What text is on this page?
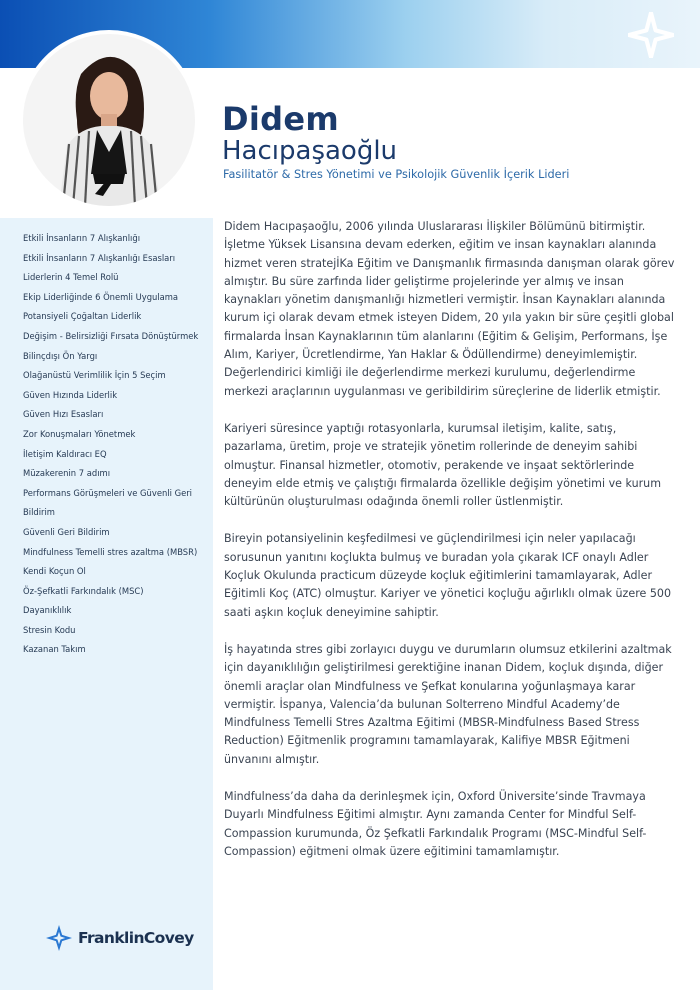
Didem
Hacıpaşaoğlu

Fasilitatör & Stres Yönetimi ve Psikolojik Güvenlik İçerik Lideri

Etkili İnsanların 7 Alışkanlığı
Etkili İnsanların 7 Alışkanlığı Esasları
Liderlerin 4 Temel Rolü
Ekip Liderliğinde 6 Önemli Uygulama
Potansiyeli Çoğaltan Liderlik
Değişim - Belirsizliği Fırsata Dönüştürmek
Bilinçdışı Ön Yargı
Olağanüstü Verimlilik İçin 5 Seçim
Güven Hızında Liderlik
Güven Hızı Esasları
Zor Konuşmaları Yönetmek
İletişim Kaldıracı EQ
Müzakerenin 7 adımı
Performans Görüşmeleri ve Güvenli Geri
Bildirim
Güvenli Geri Bildirim
Mindfulness Temelli stres azaltma (MBSR)
Kendi Koçun Ol
Öz-Şefkatli Farkındalık (MSC)
Dayanıklılık
Stresin Kodu
Kazanan Takım

Didem Hacıpaşaoğlu, 2006 yılında Uluslararası İlişkiler Bölümünü bitirmiştir. İşletme Yüksek Lisansına devam ederken, eğitim ve insan kaynakları alanında hizmet veren stratejİKa Eğitim ve Danışmanlık firmasında danışman olarak görev almıştır. Bu süre zarfında lider geliştirme projelerinde yer almış ve insan kaynakları yönetim danışmanlığı hizmetleri vermiştir. İnsan Kaynakları alanında kurum içi olarak devam etmek isteyen Didem, 20 yıla yakın bir süre çeşitli global firmalarda İnsan Kaynaklarının tüm alanlarını (Eğitim & Gelişim, Performans, İşe Alım, Kariyer, Ücretlendirme, Yan Haklar & Ödüllendirme) deneyimlemiştir. Değerlendirici kimliği ile değerlendirme merkezi kurulumu, değerlendirme merkezi araçlarının uygulanması ve geribildirim süreçlerine de liderlik etmiştir.

Kariyeri süresince yaptığı rotasyonlarla, kurumsal iletişim, kalite, satış, pazarlama, üretim, proje ve stratejik yönetim rollerinde de deneyim sahibi olmuştur. Finansal hizmetler, otomotiv, perakende ve inşaat sektörlerinde deneyim elde etmiş ve çalıştığı firmalarda özellikle değişim yönetimi ve kurum kültürünün oluşturulması odağında önemli roller üstlenmiştir.

Bireyin potansiyelinin keşfedilmesi ve güçlendirilmesi için neler yapılacağı sorusunun yanıtını koçlukta bulmuş ve buradan yola çıkarak ICF onaylı Adler Koçluk Okulunda practicum düzeyde koçluk eğitimlerini tamamlayarak, Adler Eğitimli Koç (ATC) olmuştur. Kariyer ve yönetici koçluğu ağırlıklı olmak üzere 500 saati aşkın koçluk deneyimine sahiptir.

İş hayatında stres gibi zorlayıcı duygu ve durumların olumsuz etkilerini azaltmak için dayanıklılığın geliştirilmesi gerektiğine inanan Didem, koçluk dışında, diğer önemli araçlar olan Mindfulness ve Şefkat konularına yoğunlaşmaya karar vermiştir. İspanya, Valencia’da bulunan Solterreno Mindful Academy’de Mindfulness Temelli Stres Azaltma Eğitimi (MBSR-Mindfulness Based Stress Reduction) Eğitmenlik programını tamamlayarak, Kalifiye MBSR Eğitmeni ünvanını almıştır.

Mindfulness’da daha da derinleşmek için, Oxford Üniversite’sinde Travmaya Duyarlı Mindfulness Eğitimi almıştır. Aynı zamanda Center for Mindful Self-Compassion kurumunda, Öz Şefkatli Farkındalık Programı (MSC-Mindful Self-Compassion) eğitmeni olmak üzere eğitimini tamamlamıştır.

FranklinCovey
